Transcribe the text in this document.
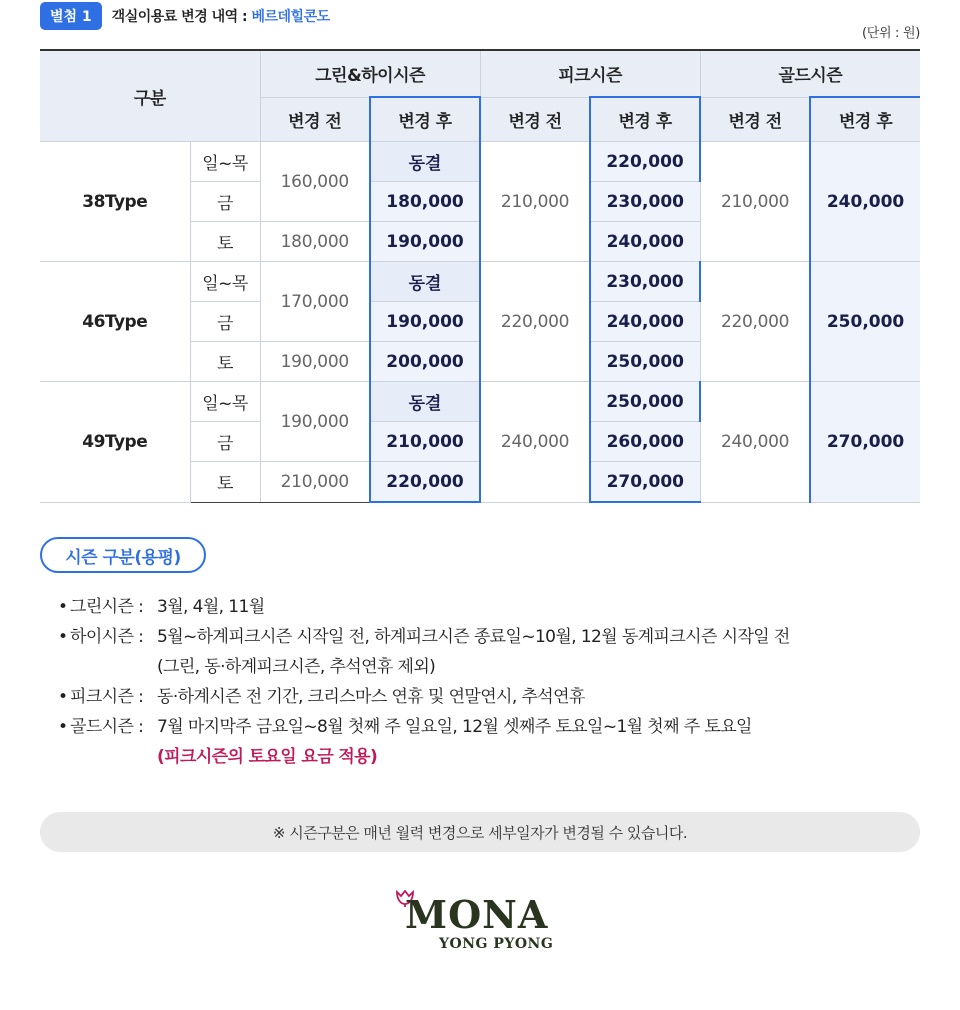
별첨 1	객실이용료 변경 내역 : 베르데힐콘도
(단위 : 원)
구분		그린&하이시즌		피크시즌		골드시즌	
		변경 전	변경 후	변경 전	변경 후	변경 전	변경 후
38Type	일~목	160,000	동결	210,000	220,000	210,000	240,000
	금		180,000		230,000		
	토	180,000	190,000		240,000		
46Type	일~목	170,000	동결	220,000	230,000	220,000	250,000
	금		190,000		240,000		
	토	190,000	200,000		250,000		
49Type	일~목	190,000	동결	240,000	250,000	240,000	270,000
	금		210,000		260,000		
	토	210,000	220,000		270,000		
시즌 구분(용평)
• 그린시즌 : 3월, 4월, 11월
• 하이시즌 : 5월~하계피크시즌 시작일 전, 하계피크시즌 종료일~10월, 12월 동계피크시즌 시작일 전
(그린, 동·하계피크시즌, 추석연휴 제외)
• 피크시즌 : 동·하계시즌 전 기간, 크리스마스 연휴 및 연말연시, 추석연휴
• 골드시즌 : 7월 마지막주 금요일~8월 첫째 주 일요일, 12월 셋째주 토요일~1월 첫째 주 토요일
(피크시즌의 토요일 요금 적용)
※ 시즌구분은 매년 월력 변경으로 세부일자가 변경될 수 있습니다.
MONA
YONG PYONG
